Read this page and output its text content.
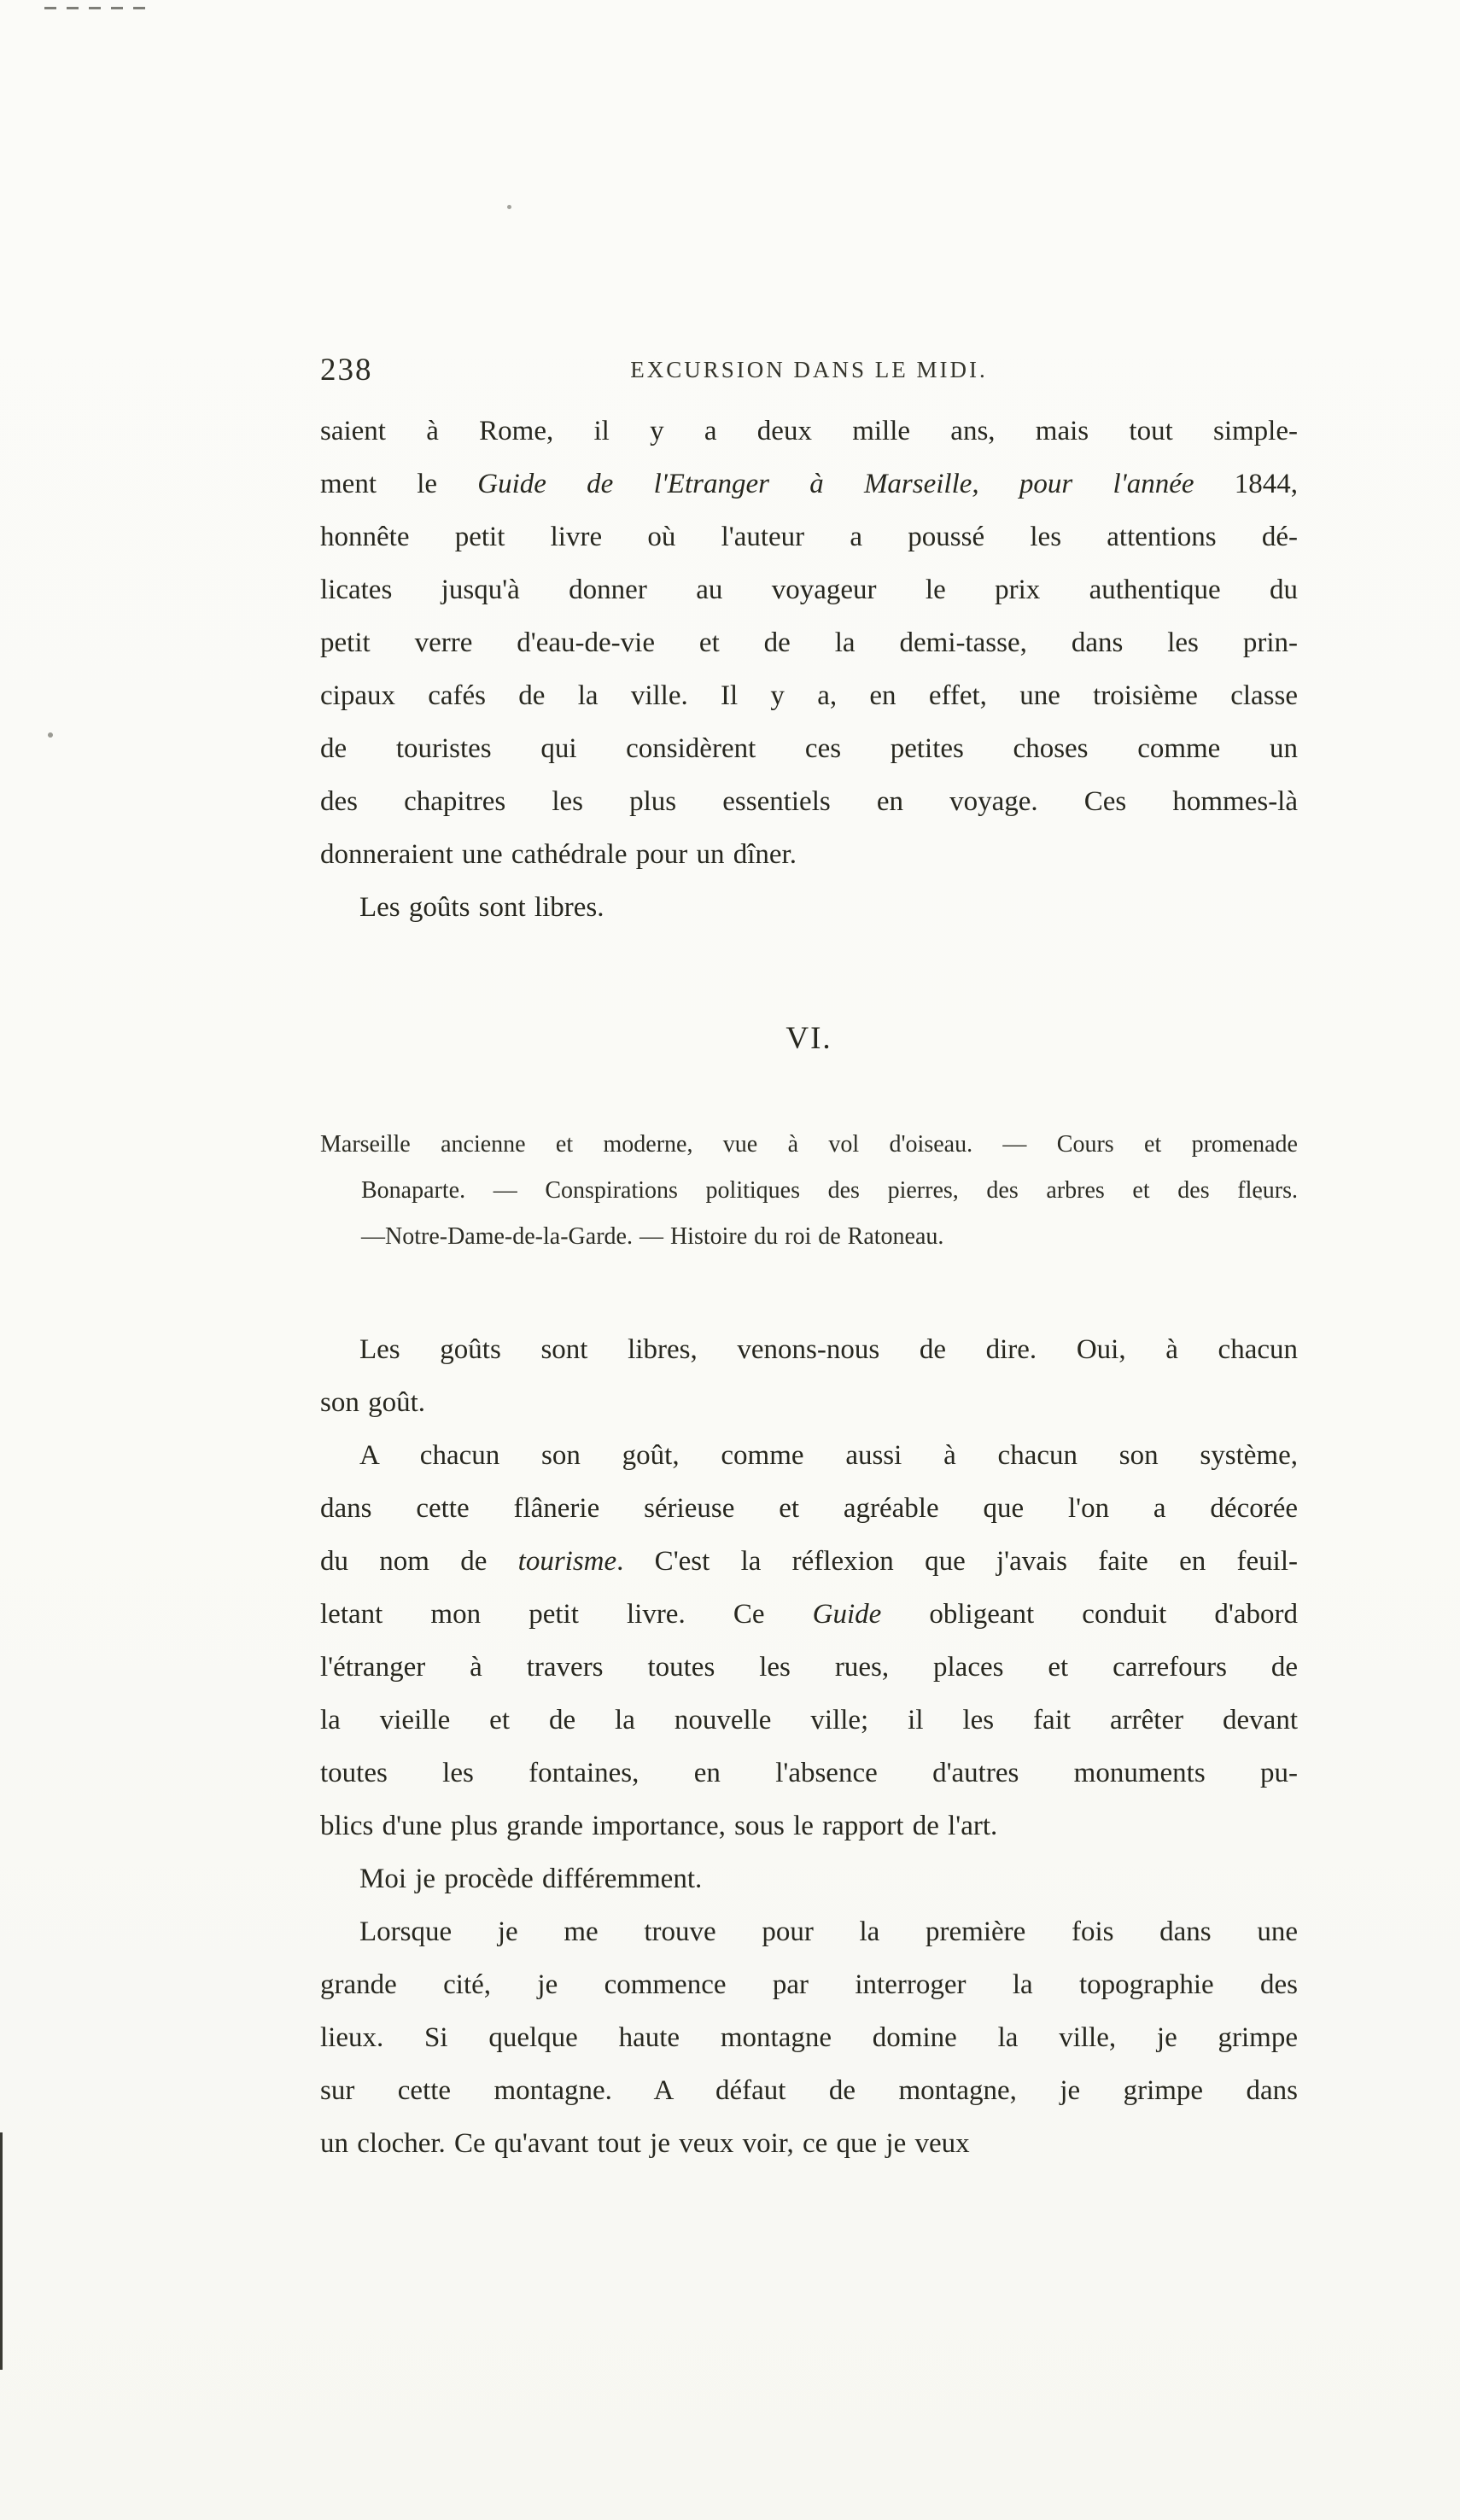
238	EXCURSION DANS LE MIDI.
saient à Rome, il y a deux mille ans, mais tout simple-
ment le Guide de l'Etranger à Marseille, pour l'année 1844,
honnête petit livre où l'auteur a poussé les attentions dé-
licates jusqu'à donner au voyageur le prix authentique du
petit verre d'eau-de-vie et de la demi-tasse, dans les prin-
cipaux cafés de la ville. Il y a, en effet, une troisième classe
de touristes qui considèrent ces petites choses comme un
des chapitres les plus essentiels en voyage. Ces hommes-là
donneraient une cathédrale pour un dîner.
Les goûts sont libres.
VI.
Marseille ancienne et moderne, vue à vol d'oiseau. — Cours et promenade
Bonaparte. — Conspirations politiques des pierres, des arbres et des fleurs.
—Notre-Dame-de-la-Garde. — Histoire du roi de Ratoneau.
Les goûts sont libres, venons-nous de dire. Oui, à chacun
son goût.
A chacun son goût, comme aussi à chacun son système,
dans cette flânerie sérieuse et agréable que l'on a décorée
du nom de tourisme. C'est la réflexion que j'avais faite en feuil-
letant mon petit livre. Ce Guide obligeant conduit d'abord
l'étranger à travers toutes les rues, places et carrefours de
la vieille et de la nouvelle ville; il les fait arrêter devant
toutes les fontaines, en l'absence d'autres monuments pu-
blics d'une plus grande importance, sous le rapport de l'art.
Moi je procède différemment.
Lorsque je me trouve pour la première fois dans une
grande cité, je commence par interroger la topographie des
lieux. Si quelque haute montagne domine la ville, je grimpe
sur cette montagne. A défaut de montagne, je grimpe dans
un clocher. Ce qu'avant tout je veux voir, ce que je veux
